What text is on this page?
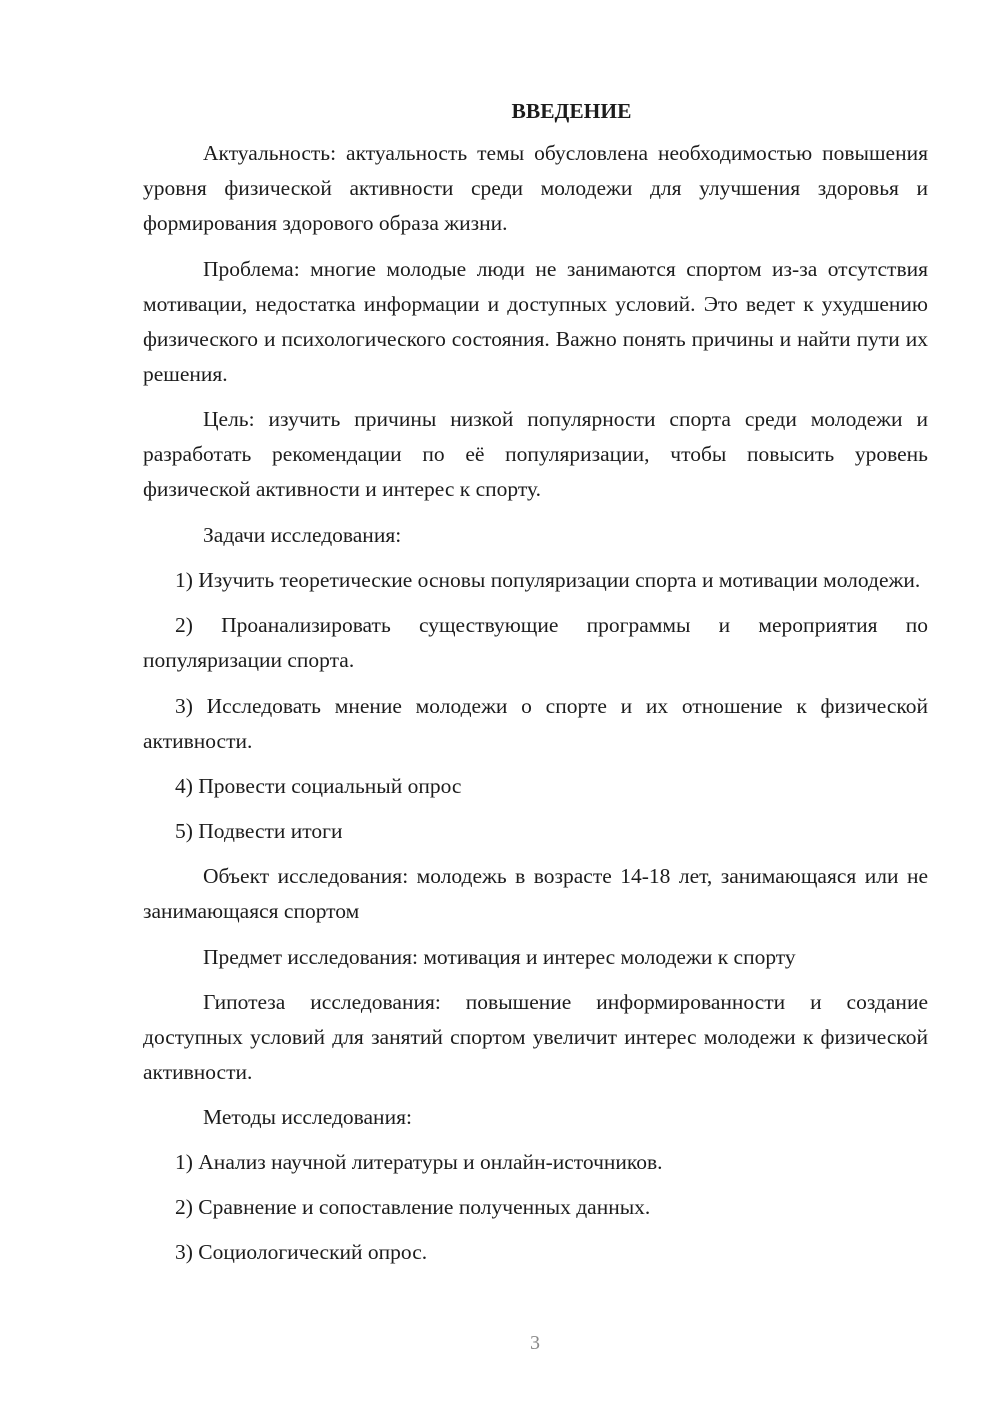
ВВЕДЕНИЕ

Актуальность: актуальность темы обусловлена необходимостью повышения уровня физической активности среди молодежи для улучшения здоровья и формирования здорового образа жизни.

Проблема: многие молодые люди не занимаются спортом из-за отсутствия мотивации, недостатка информации и доступных условий. Это ведет к ухудшению физического и психологического состояния. Важно понять причины и найти пути их решения.

Цель: изучить причины низкой популярности спорта среди молодежи и разработать рекомендации по её популяризации, чтобы повысить уровень физической активности и интерес к спорту.

Задачи исследования:

1) Изучить теоретические основы популяризации спорта и мотивации молодежи.

2) Проанализировать существующие программы и мероприятия по популяризации спорта.

3) Исследовать мнение молодежи о спорте и их отношение к физической активности.

4) Провести социальный опрос

5) Подвести итоги

Объект исследования: молодежь в возрасте 14-18 лет, занимающаяся или не занимающаяся спортом

Предмет исследования: мотивация и интерес молодежи к спорту

Гипотеза исследования: повышение информированности и создание доступных условий для занятий спортом увеличит интерес молодежи к физической активности.

Методы исследования:

1) Анализ научной литературы и онлайн-источников.

2) Сравнение и сопоставление полученных данных.

3) Социологический опрос.

3
